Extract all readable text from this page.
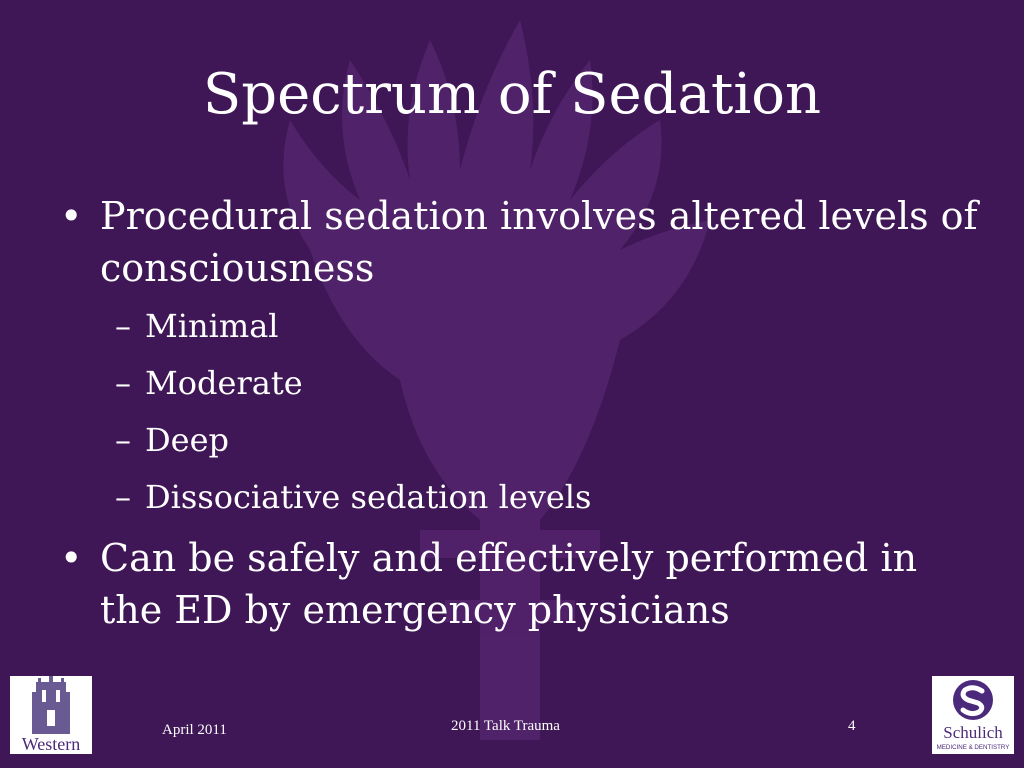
Spectrum of Sedation
• Procedural sedation involves altered levels of consciousness
– Minimal
– Moderate
– Deep
– Dissociative sedation levels
• Can be safely and effectively performed in the ED by emergency physicians
Western
April 2011	2011 Talk Trauma	4	Schulich
MEDICINE & DENTISTRY
